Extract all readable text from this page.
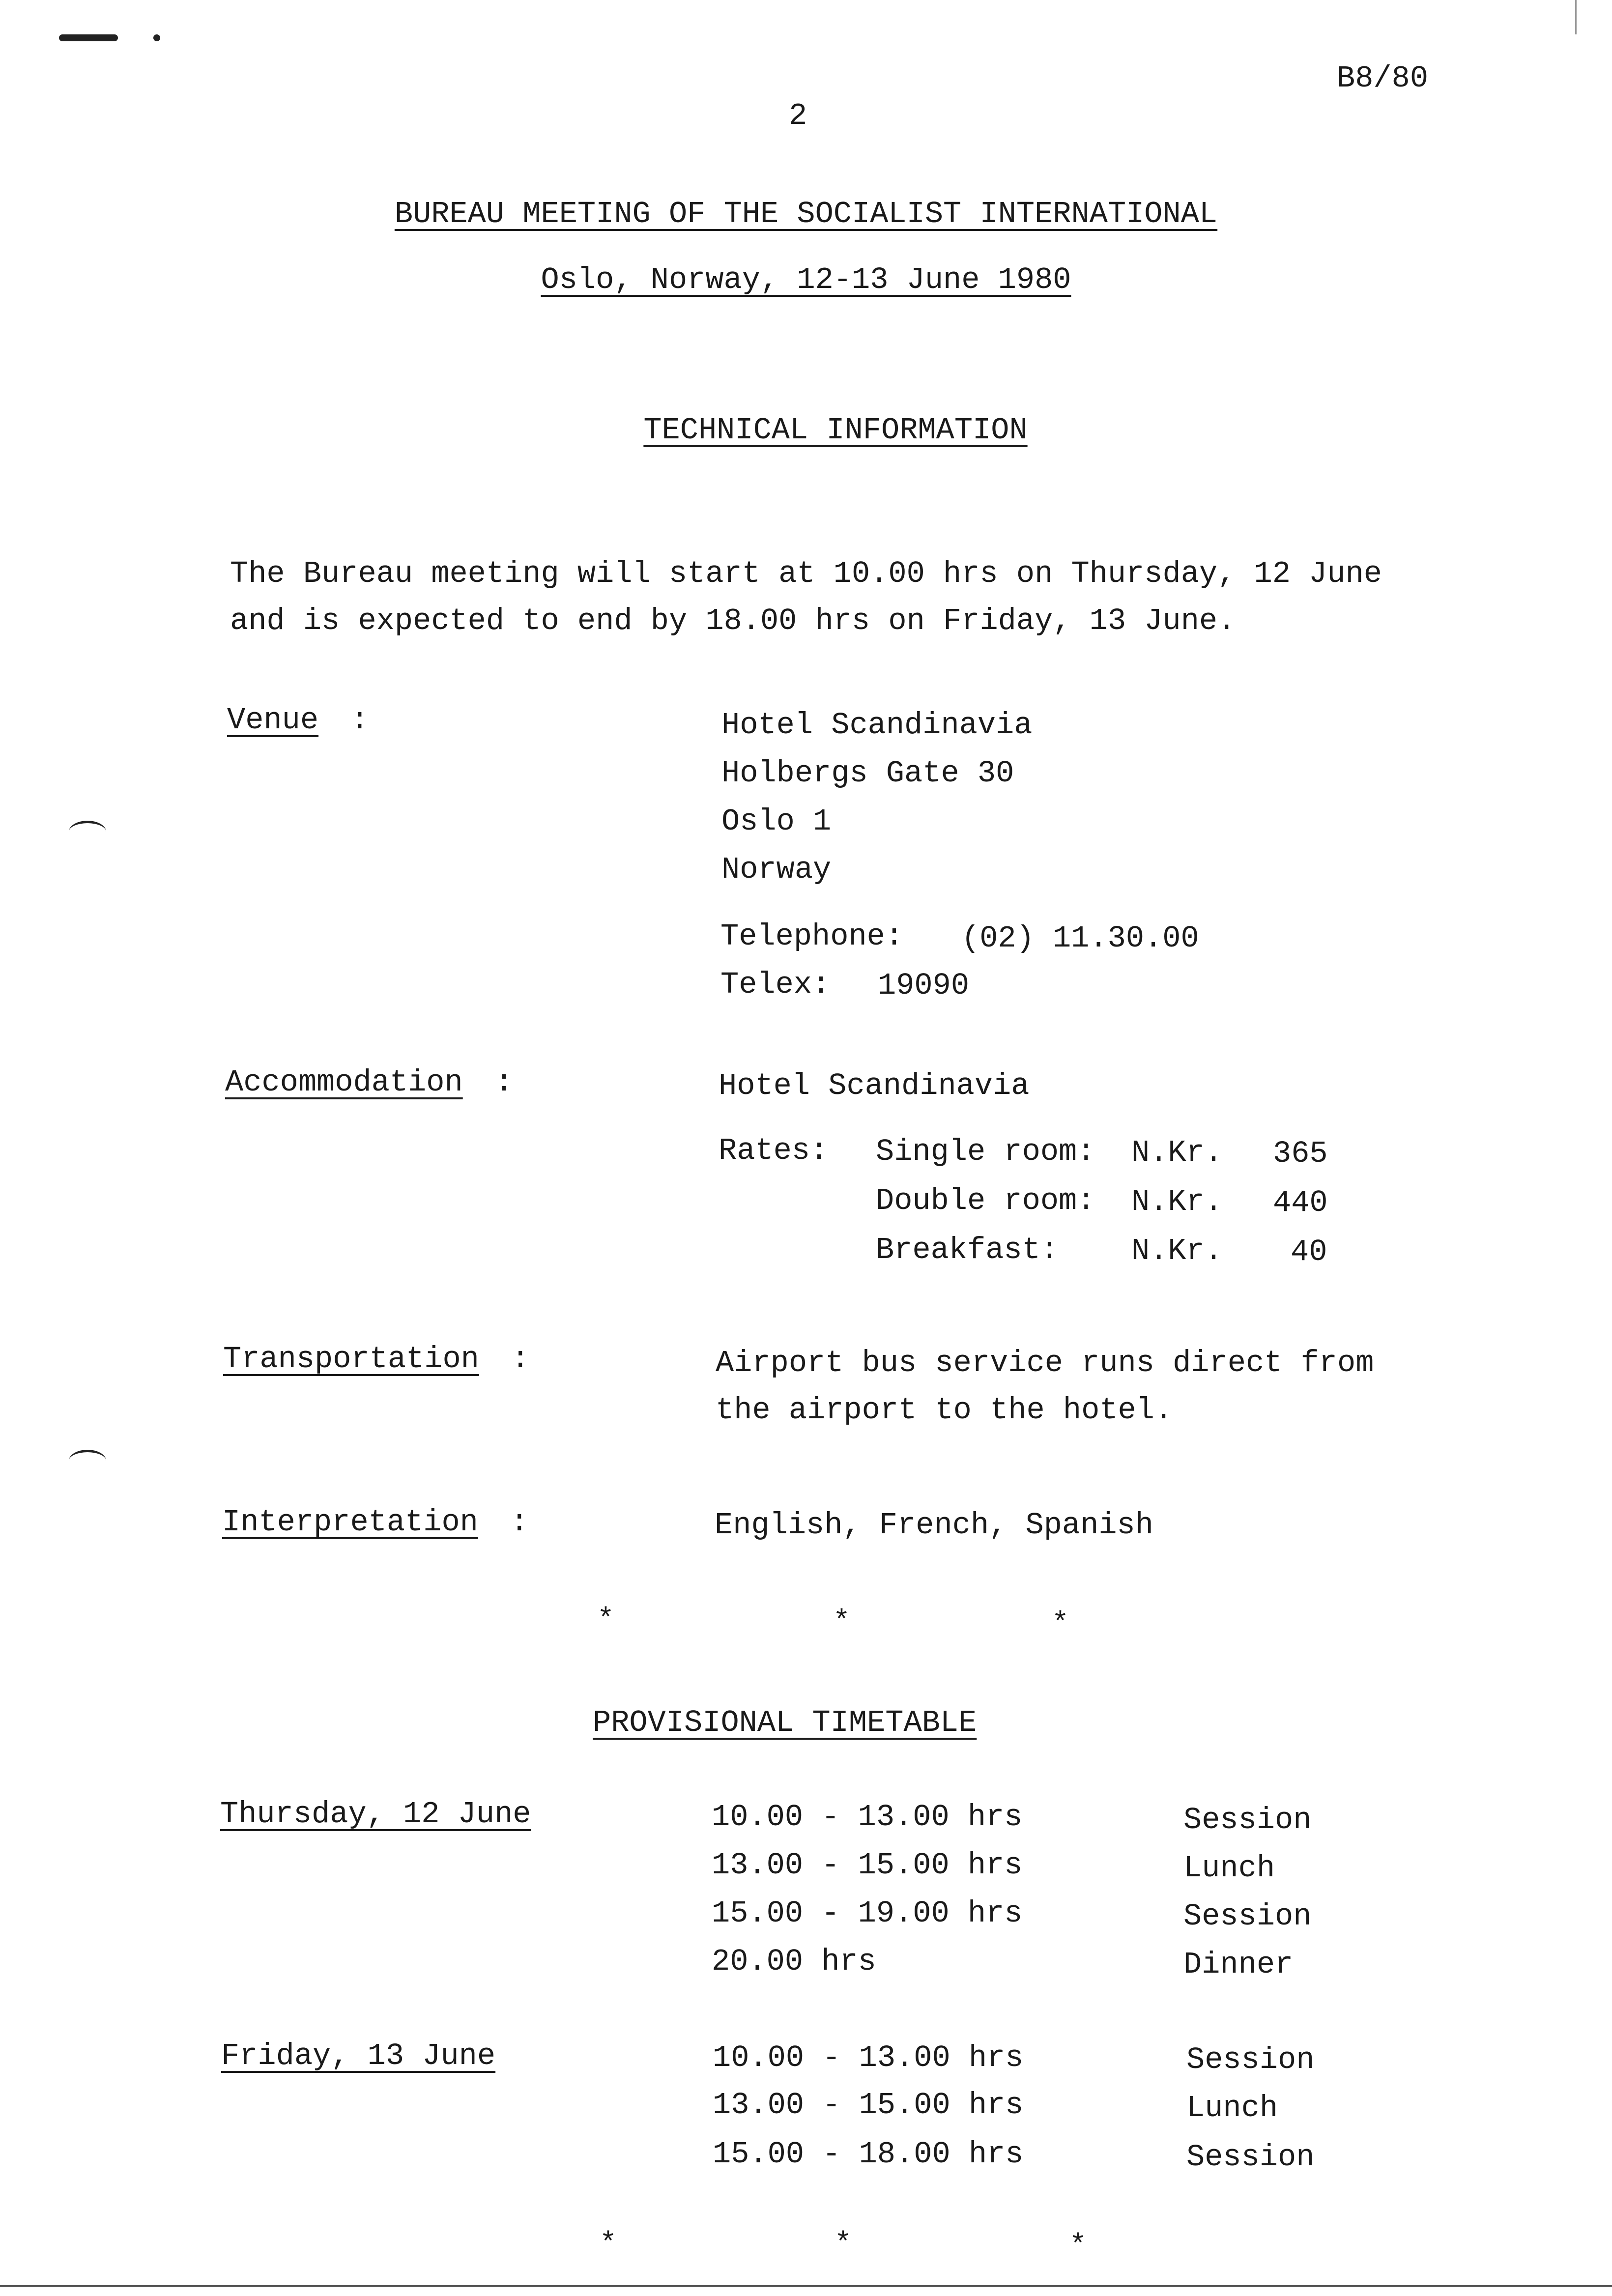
B8/80
2
BUREAU MEETING OF THE SOCIALIST INTERNATIONAL
Oslo, Norway, 12-13 June 1980
TECHNICAL INFORMATION
The Bureau meeting will start at 10.00 hrs on Thursday, 12 June
and is expected to end by 18.00 hrs on Friday, 13 June.
Venue :	Hotel Scandinavia
Holbergs Gate 30
Oslo 1
Norway
Telephone: (02) 11.30.00
Telex: 19090
Accommodation :	Hotel Scandinavia
Rates: Single room: N.Kr. 365
Double room: N.Kr. 440
Breakfast: N.Kr. 40
Transportation :	Airport bus service runs direct from
the airport to the hotel.
Interpretation :	English, French, Spanish
*	*	*
PROVISIONAL TIMETABLE
Thursday, 12 June	10.00 - 13.00 hrs	Session
13.00 - 15.00 hrs	Lunch
15.00 - 19.00 hrs	Session
20.00 hrs	Dinner
Friday, 13 June	10.00 - 13.00 hrs	Session
13.00 - 15.00 hrs	Lunch
15.00 - 18.00 hrs	Session
*	*	*
